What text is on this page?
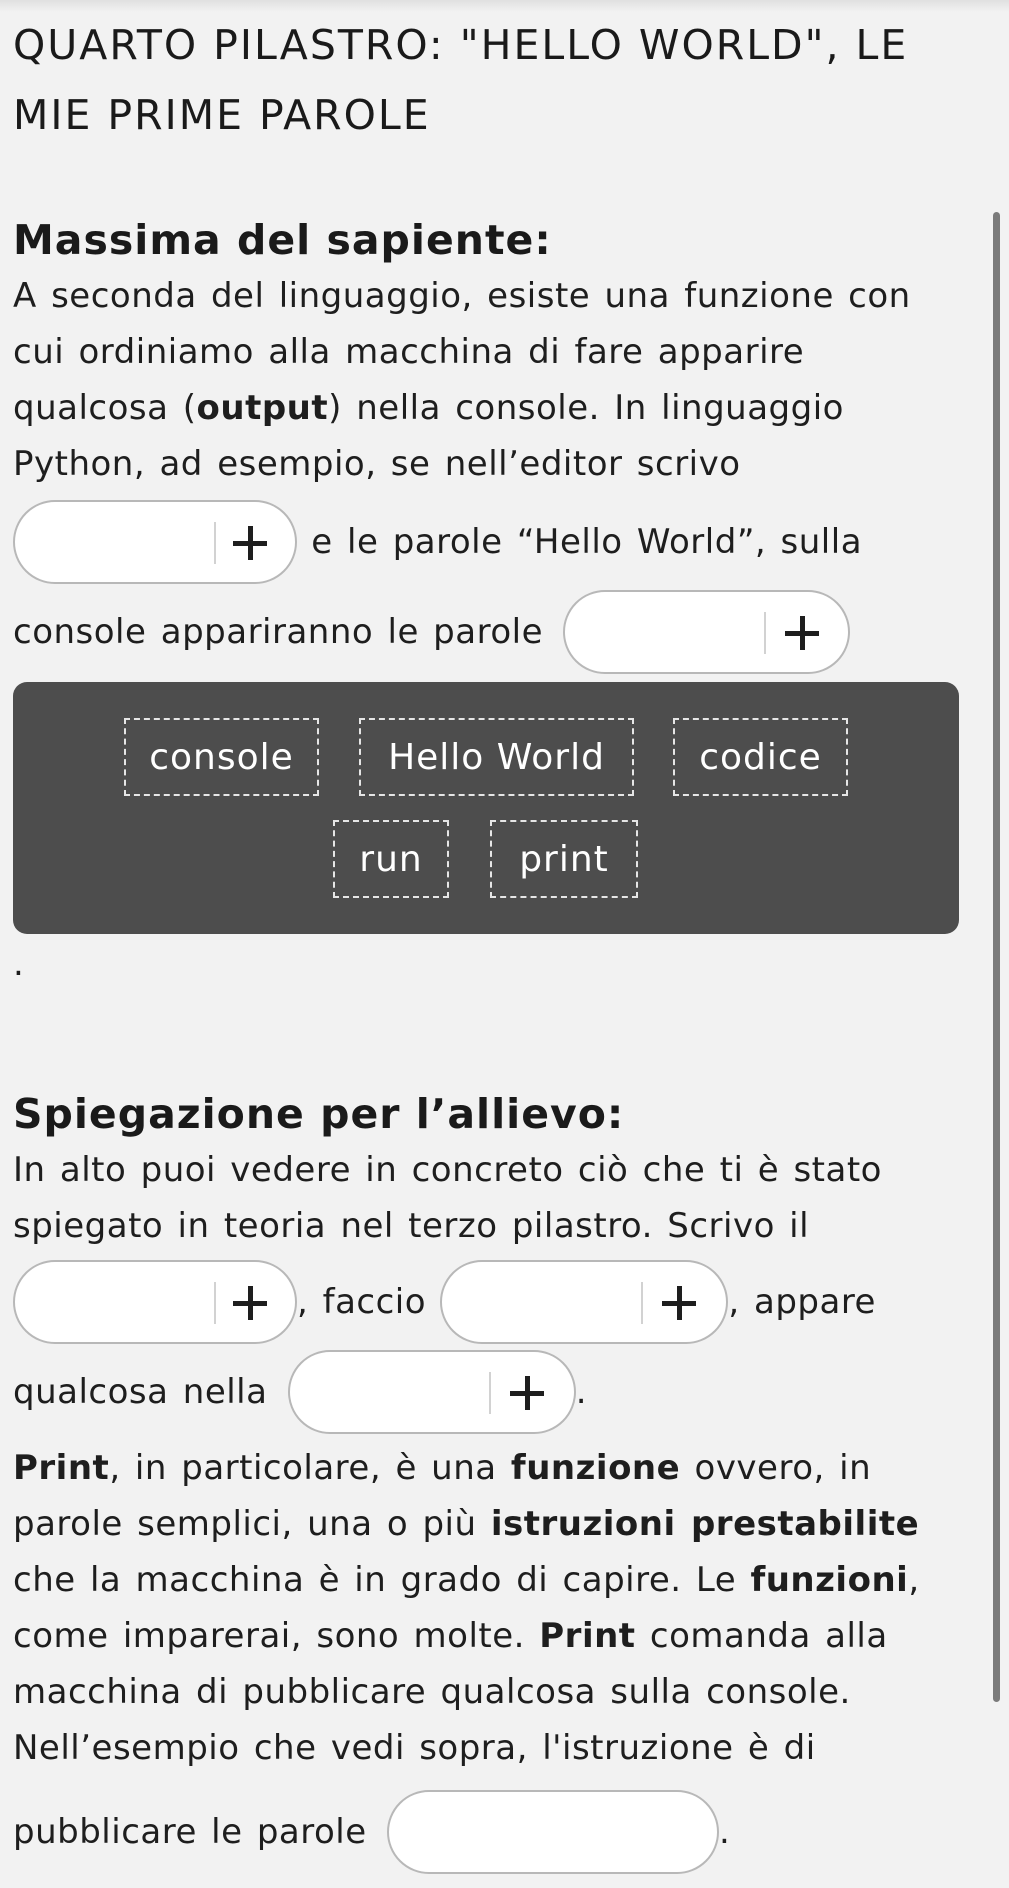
QUARTO PILASTRO: "HELLO WORLD", LE MIE PRIME PAROLE
Massima del sapiente:
A seconda del linguaggio, esiste una funzione con cui ordiniamo alla macchina di fare apparire qualcosa (output) nella console. In linguaggio Python, ad esempio, se nell’editor scrivo
e le parole “Hello World”, sulla
console appariranno le parole
console	Hello World	codice
run	print
.
Spiegazione per l’allievo:
In alto puoi vedere in concreto ciò che ti è stato spiegato in teoria nel terzo pilastro. Scrivo il
, faccio	, appare
qualcosa nella	.
Print, in particolare, è una funzione ovvero, in parole semplici, una o più istruzioni prestabilite che la macchina è in grado di capire. Le funzioni, come imparerai, sono molte. Print comanda alla macchina di pubblicare qualcosa sulla console. Nell’esempio che vedi sopra, l'istruzione è di
pubblicare le parole	.
